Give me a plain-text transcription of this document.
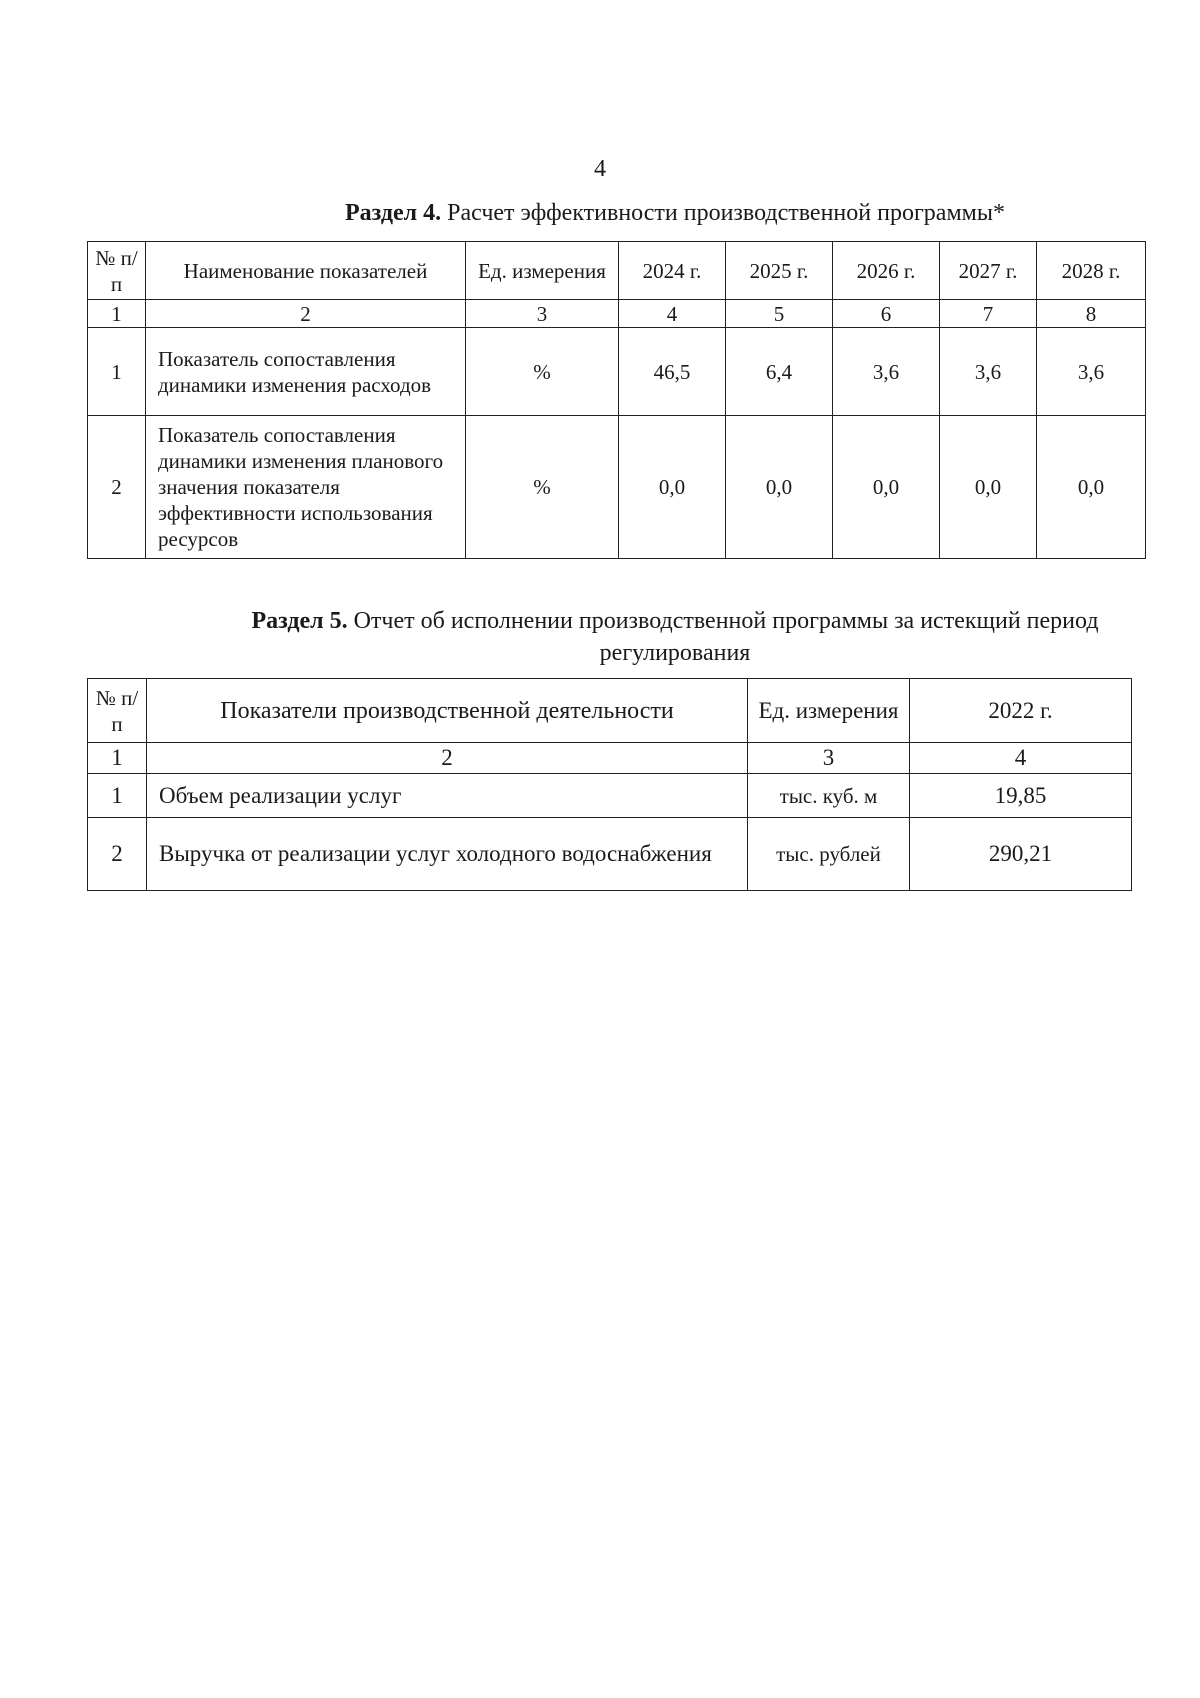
4
Раздел 4. Расчет эффективности производственной программы*
№ п/п	Наименование показателей	Ед. измерения	2024 г.	2025 г.	2026 г.	2027 г.	2028 г.
1	2	3	4	5	6	7	8
1	Показатель сопоставления динамики изменения расходов	%	46,5	6,4	3,6	3,6	3,6
2	Показатель сопоставления динамики изменения планового значения показателя эффективности использования ресурсов	%	0,0	0,0	0,0	0,0	0,0
Раздел 5. Отчет об исполнении производственной программы за истекщий период регулирования
№ п/п	Показатели производственной деятельности	Ед. измерения	2022 г.
1	2	3	4
1	Объем реализации услуг	тыс. куб. м	19,85
2	Выручка от реализации услуг холодного водоснабжения	тыс. рублей	290,21
